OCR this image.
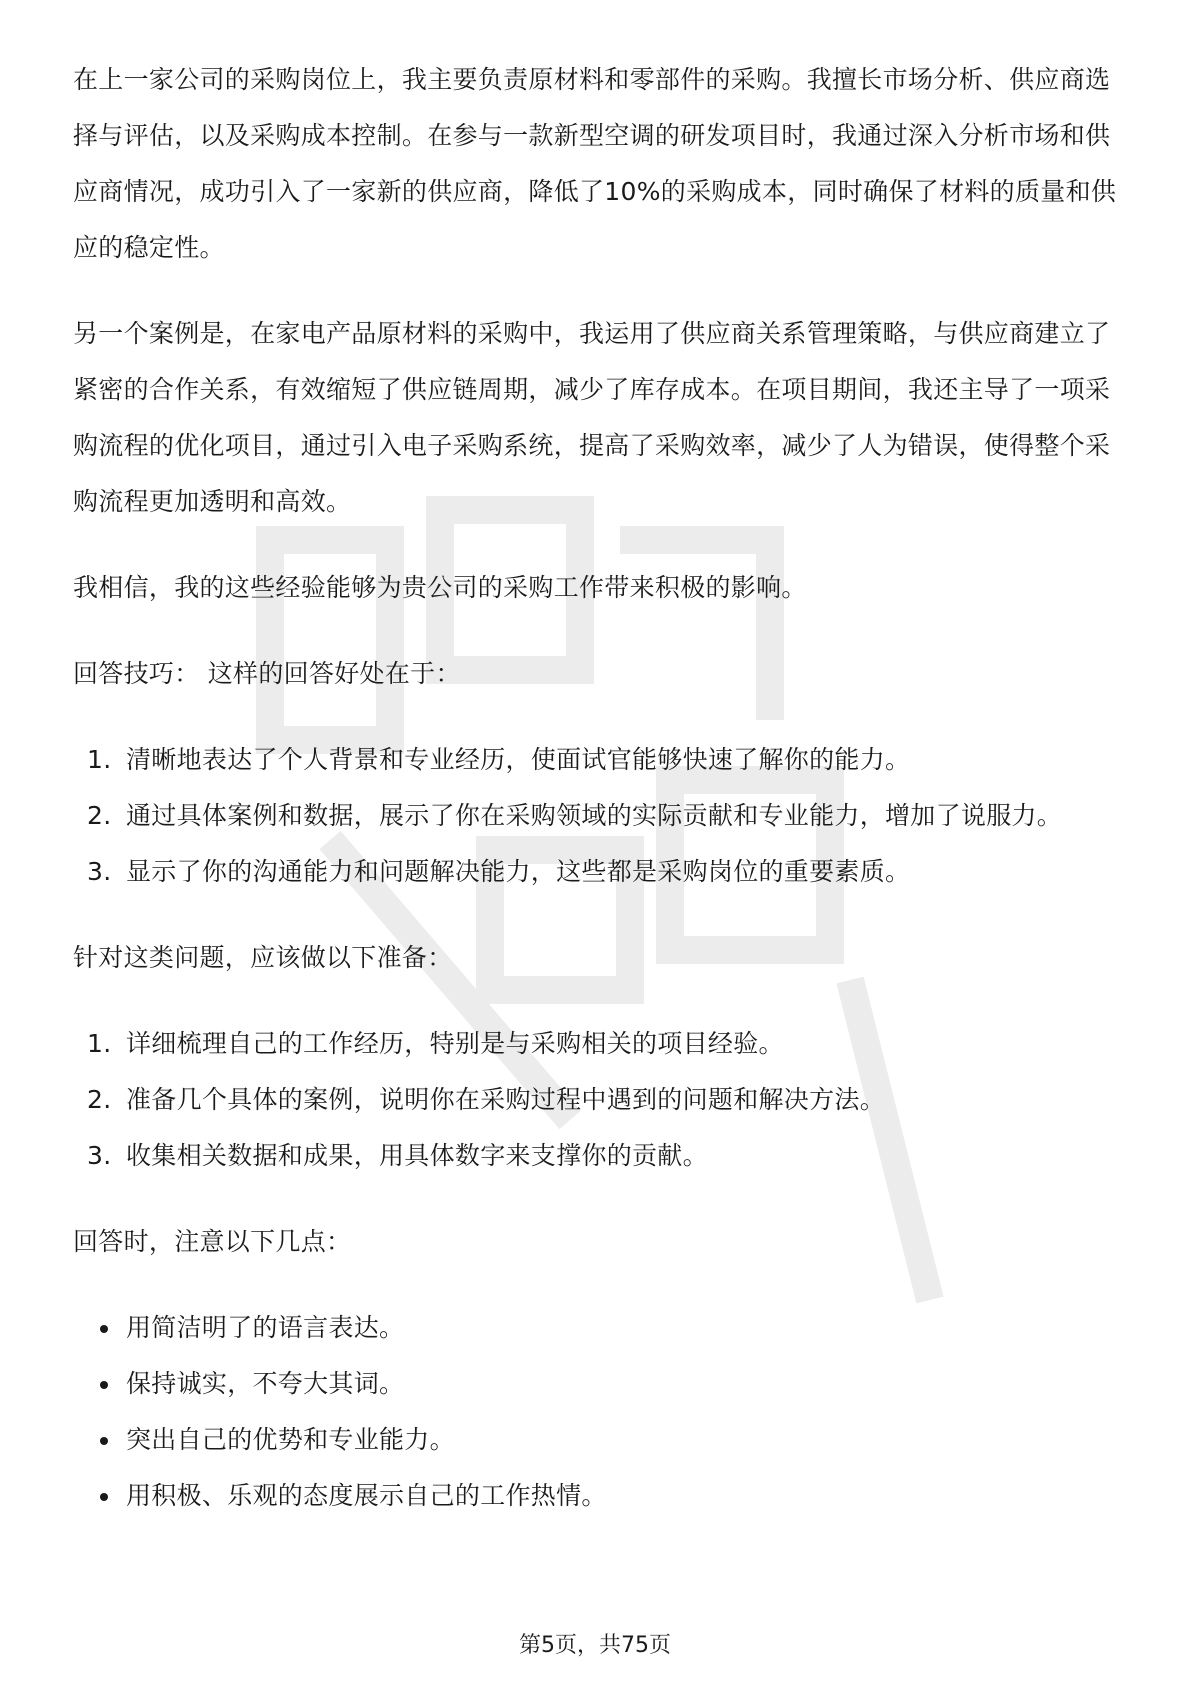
在上一家公司的采购岗位上，我主要负责原材料和零部件的采购。我擅长市场分析、供应商选择与评估，以及采购成本控制。在参与一款新型空调的研发项目时，我通过深入分析市场和供应商情况，成功引入了一家新的供应商，降低了10%的采购成本，同时确保了材料的质量和供应的稳定性。

另一个案例是，在家电产品原材料的采购中，我运用了供应商关系管理策略，与供应商建立了紧密的合作关系，有效缩短了供应链周期，减少了库存成本。在项目期间，我还主导了一项采购流程的优化项目，通过引入电子采购系统，提高了采购效率，减少了人为错误，使得整个采购流程更加透明和高效。

我相信，我的这些经验能够为贵公司的采购工作带来积极的影响。

回答技巧： 这样的回答好处在于：

1. 清晰地表达了个人背景和专业经历，使面试官能够快速了解你的能力。
2. 通过具体案例和数据，展示了你在采购领域的实际贡献和专业能力，增加了说服力。
3. 显示了你的沟通能力和问题解决能力，这些都是采购岗位的重要素质。

针对这类问题，应该做以下准备：

1. 详细梳理自己的工作经历，特别是与采购相关的项目经验。
2. 准备几个具体的案例，说明你在采购过程中遇到的问题和解决方法。
3. 收集相关数据和成果，用具体数字来支撑你的贡献。

回答时，注意以下几点：

用简洁明了的语言表达。
保持诚实，不夸大其词。
突出自己的优势和专业能力。
用积极、乐观的态度展示自己的工作热情。
第5页，共75页
